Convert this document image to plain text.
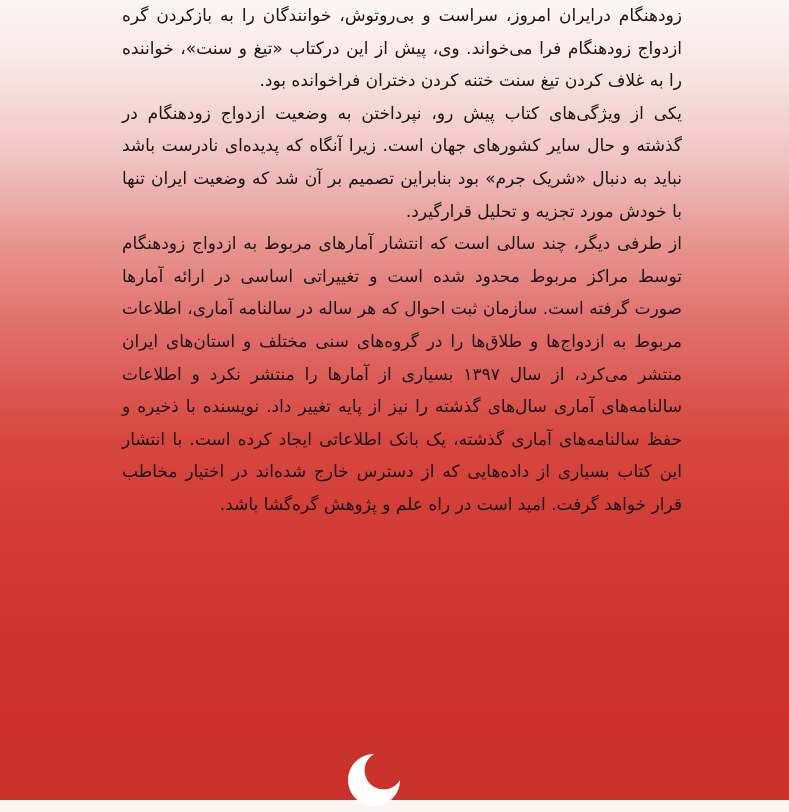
زودهنگام درایران امروز، سراست و بی‌روتوش، خوانندگان را به بازکردن گره ازدواج زودهنگام فرا می‌خواند. وی، پیش از این درکتاب «تیغ و سنت»، خواننده را به غلاف کردن تیغ سنت ختنه کردن دختران فراخوانده بود.

یکی از ویژگی‌های کتاب پیش رو، نپرداختن به وضعیت ازدواج زودهنگام در گذشته و حال سایر کشورهای جهان است. زیرا آنگاه که پدیده‌ای نادرست باشد نباید به دنبال «شریک جرم» بود بنابراین تصمیم بر آن شد که وضعیت ایران تنها با خودش مورد تجزیه و تحلیل قرارگیرد.

از طرفی دیگر، چند سالی است که انتشار آمارهای مربوط به ازدواج زودهنگام توسط مراکز مربوط محدود شده است و تغییراتی اساسی در ارائه آمارها صورت گرفته است. سازمان ثبت احوال که هر ساله در سالنامه آماری، اطلاعات مربوط به ازدواج‌ها و طلاق‌ها را در گروه‌های سنی مختلف و استان‌های ایران منتشر می‌کرد، از سال ۱۳۹۷ بسیاری از آمارها را منتشر نکرد و اطلاعات سالنامه‌های آماری سال‌های گذشته را نیز از پایه تغییر داد. نویسنده با ذخیره و حفظ سالنامه‌های آماری گذشته، یک بانک اطلاعاتی ایجاد کرده است. با انتشار این کتاب بسیاری از داده‌هایی که از دسترس خارج شده‌اند در اختیار مخاطب قرار خواهد گرفت. امید است در راه علم و پژوهش گره‌گشا باشد.
